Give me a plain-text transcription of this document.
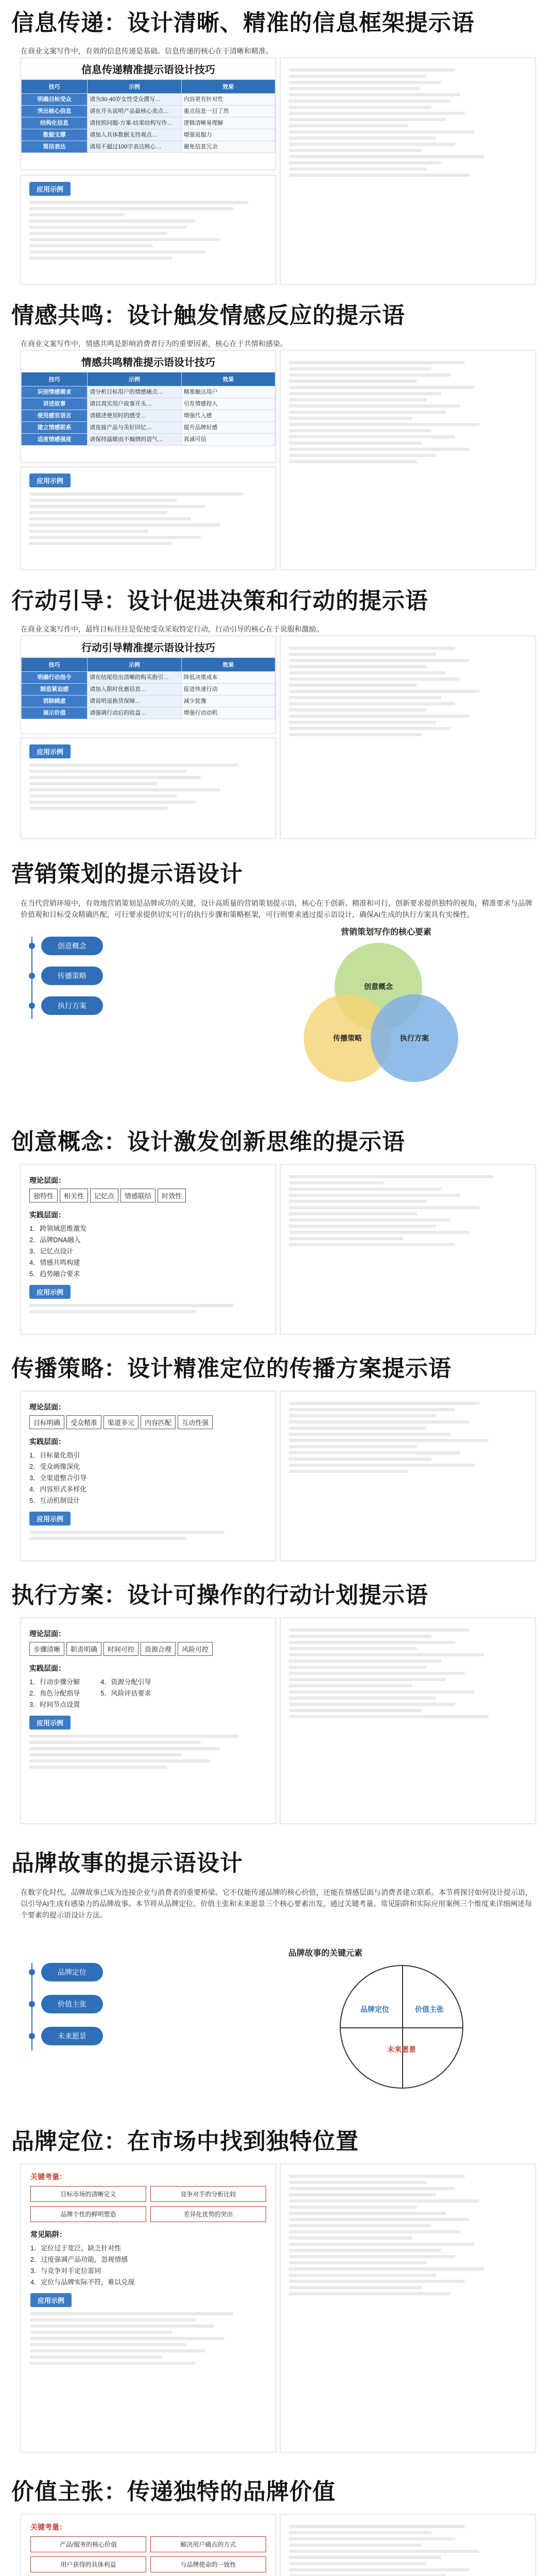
信息传递：设计清晰、精准的信息框架提示语
在商业文案写作中，有效的信息传递是基础。信息传递的核心在于清晰和精准。
信息传递精准提示语设计技巧
技巧	示例	效果
明确目标受众	请为30-40岁女性受众撰写…	内容更有针对性
突出核心信息	请在开头说明产品最核心卖点…	重点信息一目了然
结构化信息	请按照问题-方案-结果结构写作…	逻辑清晰易理解
数据支撑	请加入具体数据支持观点…	增强说服力
简洁表达	请用不超过100字表达核心…	避免信息冗余
应用示例
情感共鸣：设计触发情感反应的提示语
在商业文案写作中，情感共鸣是影响消费者行为的重要因素，核心在于共情和感染。
情感共鸣精准提示语设计技巧
技巧	示例	效果
识别情感需求	请分析目标用户的情感痛点…	精准触达用户
讲述故事	请以真实用户故事开头…	引发情感投入
使用感官语言	请描述使用时的感受…	增强代入感
建立情感联系	请连接产品与美好回忆…	提升品牌好感
适度情感强度	请保持温暖而不煽情的语气…	真诚可信
应用示例
行动引导：设计促进决策和行动的提示语
在商业文案写作中，最终目标往往是促使受众采取特定行动，行动引导的核心在于说服和激励。
行动引导精准提示语设计技巧
技巧	示例	效果
明确行动指令	请在结尾给出清晰的购买指引…	降低决策成本
制造紧迫感	请加入限时优惠信息…	促进快速行动
消除顾虑	请说明退换货保障…	减少犹豫
展示价值	请强调行动后的收益…	增强行动动机
应用示例
营销策划的提示语设计
在当代营销环境中，有效地营销策划是品牌成功的关键，设计高质量的营销策划提示语，核心在于创新、精准和可行，创新要求提供独特的视角，精准要求与品牌价值观和目标受众精确匹配，可行要求提供切实可行的执行步骤和策略框架，可行则要求通过提示语设计，确保AI生成的执行方案具有实操性。
创意概念
传播策略
执行方案
营销策划写作的核心要素
创意概念
传播策略	执行方案
创意概念：设计激发创新思维的提示语
理论层面：
独特性	相关性	记忆点	情感联结	时效性
实践层面：
1．跨领域思维激发
2．品牌DNA融入
3．记忆点设计
4．情感共鸣构建
5．趋势融合要求
应用示例
传播策略：设计精准定位的传播方案提示语
理论层面：
目标明确	受众精准	渠道多元	内容匹配	互动性强
实践层面：
1．目标量化指引
2．受众画像深化
3．全渠道整合引导
4．内容形式多样化
5．互动机制设计
应用示例
执行方案：设计可操作的行动计划提示语
理论层面：
步骤清晰	职责明确	时间可控	资源合理	风险可控
实践层面：
1．行动步骤分解
2．角色分配指导
3．时间节点设置
4．资源分配引导
5．风险评估要求
应用示例
品牌故事的提示语设计
在数字化时代，品牌故事已成为连接企业与消费者的重要桥梁。它不仅能传递品牌的核心价值，还能在情感层面与消费者建立联系。本节将探讨如何设计提示语，以引导AI生成有感染力的品牌故事。本节将从品牌定位、价值主张和未来愿景三个核心要素出发，通过关键考量、常见陷阱和实际应用案例三个维度来详细阐述每个要素的提示语设计方法。
品牌定位
价值主张
未来愿景
品牌故事的关键元素
品牌定位	价值主张
未来愿景
品牌定位：在市场中找到独特位置
关键考量：
目标市场的清晰定义	竞争对手的分析比较
品牌个性的鲜明塑造	差异化优势的突出
常见陷阱：
1．定位过于宽泛，缺乏针对性
2．过度强调产品功能，忽视情感
3．与竞争对手定位雷同
4．定位与品牌实际不符，难以兑现
应用示例
价值主张：传递独特的品牌价值
关键考量：
产品/服务的核心价值	解决用户痛点的方式
用户获得的具体利益	与品牌使命的一致性
